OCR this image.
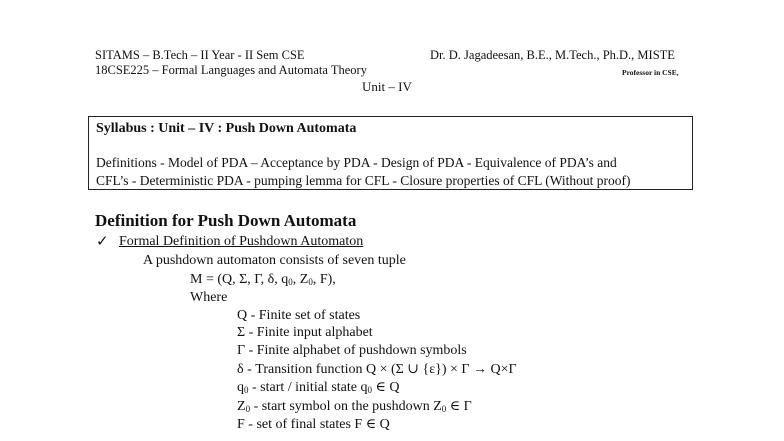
SITAMS – B.Tech – II Year - II Sem CSE
18CSE225 – Formal Languages and Automata Theory
Dr. D. Jagadeesan, B.E., M.Tech., Ph.D., MISTE
Professor in CSE,
Unit – IV
Syllabus : Unit – IV : Push Down Automata
Definitions - Model of PDA – Acceptance by PDA - Design of PDA - Equivalence of PDA’s and
CFL’s - Deterministic PDA - pumping lemma for CFL - Closure properties of CFL (Without proof)
Definition for Push Down Automata
✓ Formal Definition of Pushdown Automaton
A pushdown automaton consists of seven tuple
M = (Q, Σ, Γ, δ, $q_0$, $Z_0$, F),
Where
Q - Finite set of states
Σ - Finite input alphabet
Γ - Finite alphabet of pushdown symbols
δ - Transition function Q × (Σ ∪ {ε}) × Γ → Q×Γ
$q_0$ - start / initial state $q_0$ ∈ Q
$Z_0$ - start symbol on the pushdown $Z_0$ ∈ Γ
F - set of final states F ∈ Q
